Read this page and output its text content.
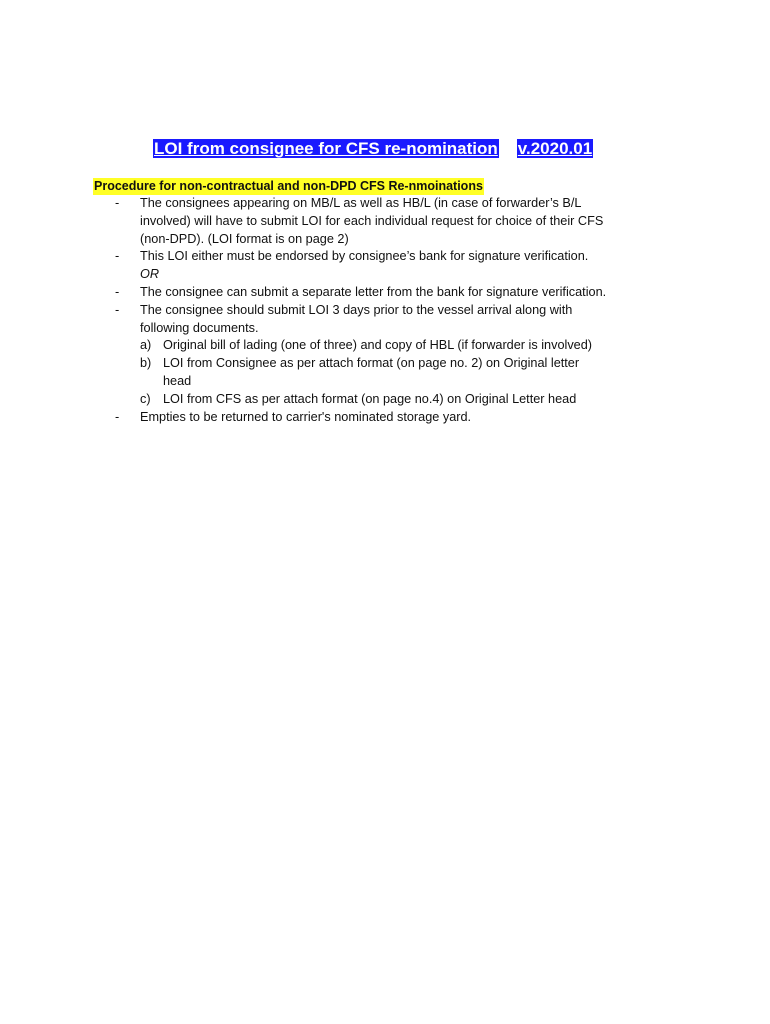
LOI from consignee for CFS re-nomination v.2020.01
Procedure for non-contractual and non-DPD CFS Re-nmoinations
- The consignees appearing on MB/L as well as HB/L (in case of forwarder’s B/L
involved) will have to submit LOI for each individual request for choice of their CFS
(non-DPD). (LOI format is on page 2)
- This LOI either must be endorsed by consignee’s bank for signature verification.
OR
- The consignee can submit a separate letter from the bank for signature verification.
- The consignee should submit LOI 3 days prior to the vessel arrival along with
following documents.
a) Original bill of lading (one of three) and copy of HBL (if forwarder is involved)
b) LOI from Consignee as per attach format (on page no. 2) on Original letter
head
c) LOI from CFS as per attach format (on page no.4) on Original Letter head
- Empties to be returned to carrier's nominated storage yard.
